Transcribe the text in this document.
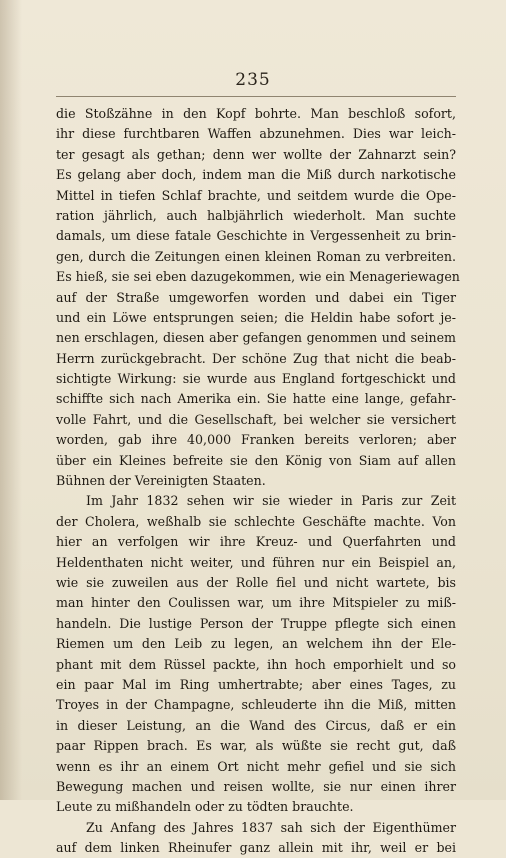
235
die Stoßzähne in den Kopf bohrte. Man beschloß sofort,
ihr diese furchtbaren Waffen abzunehmen. Dies war leich-
ter gesagt als gethan; denn wer wollte der Zahnarzt sein?
Es gelang aber doch, indem man die Miß durch narkotische
Mittel in tiefen Schlaf brachte, und seitdem wurde die Ope-
ration jährlich, auch halbjährlich wiederholt. Man suchte
damals, um diese fatale Geschichte in Vergessenheit zu brin-
gen, durch die Zeitungen einen kleinen Roman zu verbreiten.
Es hieß, sie sei eben dazugekommen, wie ein Menageriewagen
auf der Straße umgeworfen worden und dabei ein Tiger
und ein Löwe entsprungen seien; die Heldin habe sofort je-
nen erschlagen, diesen aber gefangen genommen und seinem
Herrn zurückgebracht. Der schöne Zug that nicht die beab-
sichtigte Wirkung: sie wurde aus England fortgeschickt und
schiffte sich nach Amerika ein. Sie hatte eine lange, gefahr-
volle Fahrt, und die Gesellschaft, bei welcher sie versichert
worden, gab ihre 40,000 Franken bereits verloren; aber
über ein Kleines befreite sie den König von Siam auf allen
Bühnen der Vereinigten Staaten.
Im Jahr 1832 sehen wir sie wieder in Paris zur Zeit
der Cholera, weßhalb sie schlechte Geschäfte machte. Von
hier an verfolgen wir ihre Kreuz- und Querfahrten und
Heldenthaten nicht weiter, und führen nur ein Beispiel an,
wie sie zuweilen aus der Rolle fiel und nicht wartete, bis
man hinter den Coulissen war, um ihre Mitspieler zu miß-
handeln. Die lustige Person der Truppe pflegte sich einen
Riemen um den Leib zu legen, an welchem ihn der Ele-
phant mit dem Rüssel packte, ihn hoch emporhielt und so
ein paar Mal im Ring umhertrabte; aber eines Tages, zu
Troyes in der Champagne, schleuderte ihn die Miß, mitten
in dieser Leistung, an die Wand des Circus, daß er ein
paar Rippen brach. Es war, als wüßte sie recht gut, daß
wenn es ihr an einem Ort nicht mehr gefiel und sie sich
Bewegung machen und reisen wollte, sie nur einen ihrer
Leute zu mißhandeln oder zu tödten brauchte.
Zu Anfang des Jahres 1837 sah sich der Eigenthümer
auf dem linken Rheinufer ganz allein mit ihr, weil er bei
